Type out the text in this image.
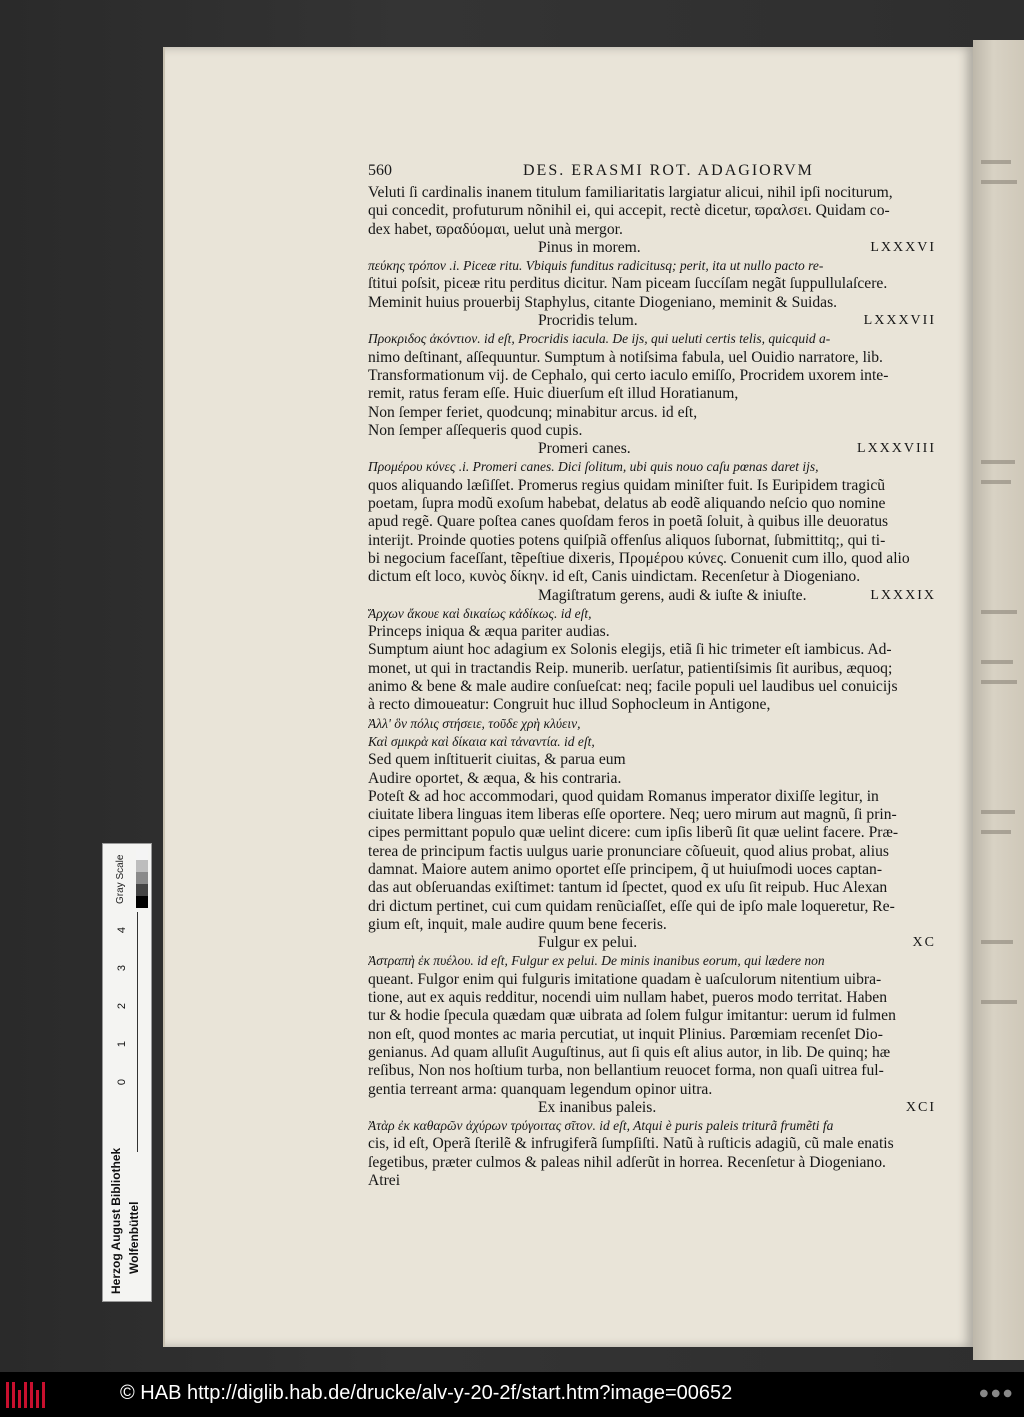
560	DES. ERASMI ROT. ADAGIORVM
Veluti ſi cardinalis inanem titulum familiaritatis largiatur alicui, nihil ipſi nociturum,
qui concedit, profuturum nõnihil ei, qui accepit, rectè dicetur, ϖραλσει. Quidam co-
dex habet, ϖραδύομαι, uelut unà mergor.
Pinus in morem.	LXXXVI
πεύκης τρόπον .i. Piceæ ritu. Vbiquis funditus radicitusq; perit, ita ut nullo pacto re-
ſtitui poſsit, piceæ ritu perditus dicitur. Nam piceam ſuccíſam negãt ſuppullulaſcere.
Meminit huius prouerbij Staphylus, citante Diogeniano, meminit & Suidas.
Procridis telum.	LXXXVII
Προκριδος ἀκόντιον. id eſt, Procridis iacula. De ijs, qui ueluti certis telis, quicquid a-
nimo deſtinant, aſſequuntur. Sumptum à notiſsima fabula, uel Ouidio narratore, lib.
Transformationum vij. de Cephalo, qui certo iaculo emiſſo, Procridem uxorem inte-
remit, ratus feram eſſe. Huic diuerſum eſt illud Horatianum,
Non ſemper feriet, quodcunq; minabitur arcus. id eſt,
Non ſemper aſſequeris quod cupis.
Promeri canes.	LXXXVIII
Προμέρου κύνες .i. Promeri canes. Dici ſolitum, ubi quis nouo caſu pœnas daret ijs,
quos aliquando læſiſſet. Promerus regius quidam miniſter fuit. Is Euripidem tragicũ
poetam, ſupra modũ exoſum habebat, delatus ab eodẽ aliquando neſcio quo nomine
apud regẽ. Quare poſtea canes quoſdam feros in poetã ſoluit, à quibus ille deuoratus
interijt. Proinde quoties potens quiſpiã offenſus aliquos ſubornat, ſubmittitq;, qui ti-
bi negocium faceſſant, tẽpeſtiue dixeris, Προμέρου κύνες. Conuenit cum illo, quod alio
dictum eſt loco, κυνὸς δίκην. id eſt, Canis uindictam. Recenſetur à Diogeniano.
Magiſtratum gerens, audi & iuſte & iniuſte.	LXXXIX
Ἄρχων ἄκουε καὶ δικαίως κἀδίκως. id eſt,
Princeps iniqua & æqua pariter audias.
Sumptum aiunt hoc adagium ex Solonis elegijs, etiã ſi hic trimeter eſt iambicus. Ad-
monet, ut qui in tractandis Reip. munerib. uerſatur, patientiſsimis ſit auribus, æquoq;
animo & bene & male audire conſueſcat: neq; facile populi uel laudibus uel conuicijs
à recto dimoueatur: Congruit huc illud Sophocleum in Antigone,
Ἀλλ' ὃν πόλις στήσειε, τοῦδε χρὴ κλύειν,
Καὶ σμικρὰ καὶ δίκαια καὶ τἀναντία. id eſt,
Sed quem inſtituerit ciuitas, & parua eum
Audire oportet, & æqua, & his contraria.
Poteſt & ad hoc accommodari, quod quidam Romanus imperator dixiſſe legitur, in
ciuitate libera linguas item liberas eſſe oportere. Neq; uero mirum aut magnũ, ſi prin-
cipes permittant populo quæ uelint dicere: cum ipſis liberũ ſit quæ uelint facere. Præ-
terea de principum factis uulgus uarie pronunciare cõſueuit, quod alius probat, alius
damnat. Maiore autem animo oportet eſſe principem, q̃ ut huiuſmodi uoces captan-
das aut obſeruandas exiſtimet: tantum id ſpectet, quod ex uſu ſit reipub. Huc Alexan
dri dictum pertinet, cui cum quidam renũciaſſet, eſſe qui de ipſo male loqueretur, Re-
gium eſt, inquit, male audire quum bene feceris.
Fulgur ex pelui.	XC
Ἀστραπὴ ἐκ πυέλου. id eſt, Fulgur ex pelui. De minis inanibus eorum, qui lædere non
queant. Fulgor enim qui fulguris imitatione quadam è uaſculorum nitentium uibra-
tione, aut ex aquis redditur, nocendi uim nullam habet, pueros modo territat. Haben
tur & hodie ſpecula quædam quæ uibrata ad ſolem fulgur imitantur: uerum id fulmen
non eſt, quod montes ac maria percutiat, ut inquit Plinius. Parœmiam recenſet Dio-
genianus. Ad quam alluſit Auguſtinus, aut ſi quis eſt alius autor, in lib. De quinq; hæ
reſibus, Non nos hoſtium turba, non bellantium reuocet forma, non quaſi uitrea ful-
gentia terreant arma: quanquam legendum opinor uitra.
Ex inanibus paleis.	XCI
Ἀτὰρ ἐκ καθαρῶν ἀχύρων τρύγοιτας σῖτον. id eſt, Atqui è puris paleis triturã frumẽti fa
cis, id eſt, Operã ſterilẽ & infrugiferã ſumpſiſti. Natũ à ruſticis adagiũ, cũ male enatis
ſegetibus, præter culmos & paleas nihil adſerũt in horrea. Recenſetur à Diogeniano.
Atrei
Gray Scale
4
3
2
1
0
Herzog August Bibliothek Wolfenbüttel
© HAB http://diglib.hab.de/drucke/alv-y-20-2f/start.htm?image=00652	● ● ●
